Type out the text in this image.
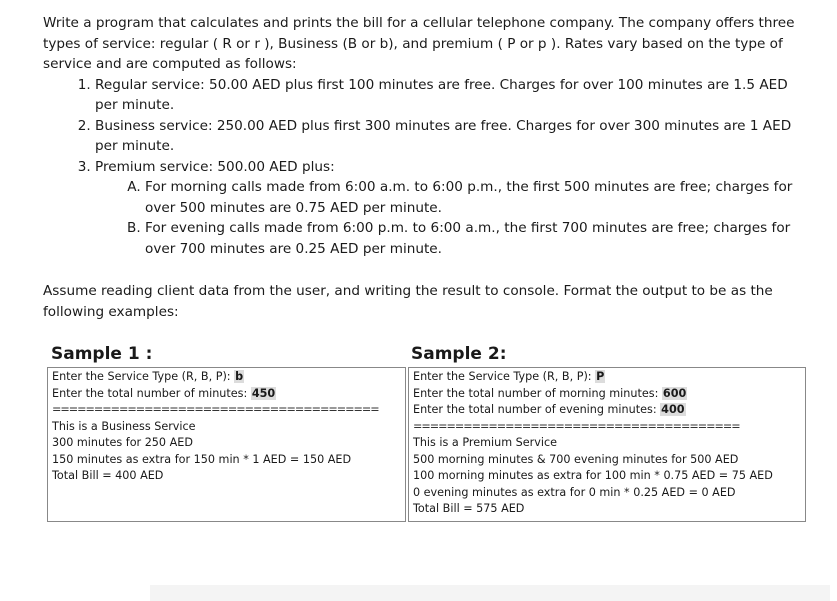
Write a program that calculates and prints the bill for a cellular telephone company. The company offers three types of service: regular ( R or r ), Business (B or b), and premium ( P or p ). Rates vary based on the type of service and are computed as follows:

1. Regular service: 50.00 AED plus first 100 minutes are free. Charges for over 100 minutes are 1.5 AED per minute.
2. Business service: 250.00 AED plus first 300 minutes are free. Charges for over 300 minutes are 1 AED per minute.
3. Premium service: 500.00 AED plus:
A. For morning calls made from 6:00 a.m. to 6:00 p.m., the first 500 minutes are free; charges for over 500 minutes are 0.75 AED per minute.
B. For evening calls made from 6:00 p.m. to 6:00 a.m., the first 700 minutes are free; charges for over 700 minutes are 0.25 AED per minute.

Assume reading client data from the user, and writing the result to console. Format the output to be as the following examples:

Sample 1 :	Sample 2:
Enter the Service Type (R, B, P): b
Enter the total number of minutes: 450
=======================================
This is a Business Service
300 minutes for 250 AED
150 minutes as extra for 150 min * 1 AED = 150 AED
Total Bill = 400 AED
Enter the Service Type (R, B, P): P
Enter the total number of morning minutes: 600
Enter the total number of evening minutes: 400
=======================================
This is a Premium Service
500 morning minutes & 700 evening minutes for 500 AED
100 morning minutes as extra for 100 min * 0.75 AED = 75 AED
0 evening minutes as extra for 0 min * 0.25 AED = 0 AED
Total Bill = 575 AED
